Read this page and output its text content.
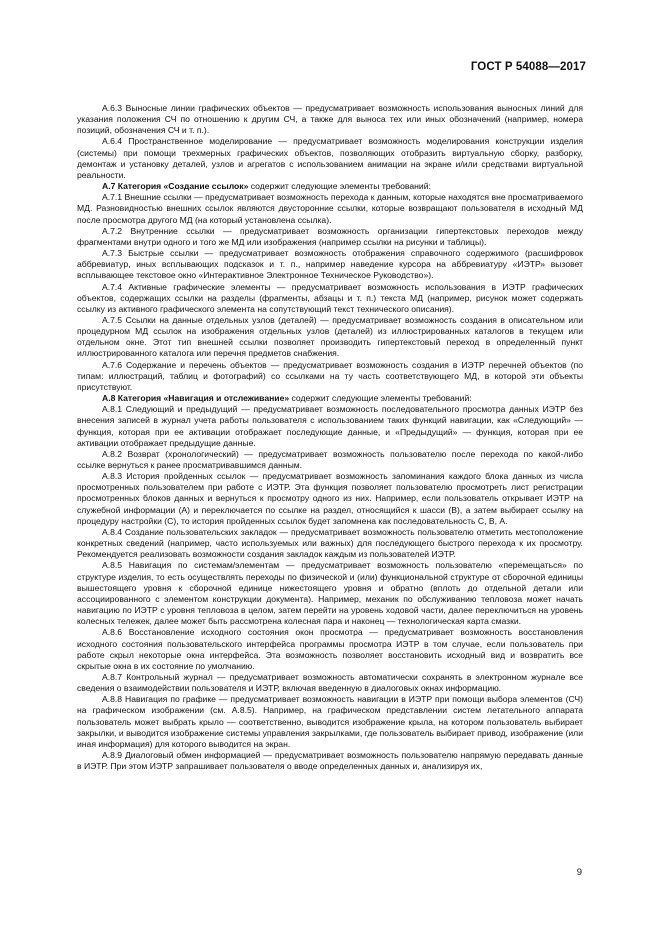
ГОСТ Р 54088—2017

А.6.3 Выносные линии графических объектов — предусматривает возможность использования выносных линий для указания положения СЧ по отношению к другим СЧ, а также для выноса тех или иных обозначений (например, номера позиций, обозначения СЧ и т. п.).

А.6.4 Пространственное моделирование — предусматривает возможность моделирования конструкции изделия (системы) при помощи трехмерных графических объектов, позволяющих отобразить виртуальную сборку, разборку, демонтаж и установку деталей, узлов и агрегатов с использованием анимации на экране и/или средствами виртуальной реальности.

А.7 Категория «Создание ссылок» содержит следующие элементы требований:

А.7.1 Внешние ссылки — предусматривает возможность перехода к данным, которые находятся вне просматриваемого МД. Разновидностью внешних ссылок являются двусторонние ссылки, которые возвращают пользователя в исходный МД после просмотра другого МД (на который установлена ссылка).

А.7.2 Внутренние ссылки — предусматривает возможность организации гипертекстовых переходов между фрагментами внутри одного и того же МД или изображения (например ссылки на рисунки и таблицы).

А.7.3 Быстрые ссылки — предусматривает возможность отображения справочного содержимого (расшифровок аббревиатур, иных всплывающих подсказок и т. п., например наведение курсора на аббревиатуру «ИЭТР» вызовет всплывающее текстовое окно «Интерактивное Электронное Техническое Руководство»).

А.7.4 Активные графические элементы — предусматривает возможность использования в ИЭТР графических объектов, содержащих ссылки на разделы (фрагменты, абзацы и т. п.) текста МД (например, рисунок может содержать ссылку из активного графического элемента на сопутствующий текст технического описания).

А.7.5 Ссылки на данные отдельных узлов (деталей) — предусматривает возможность создания в описательном или процедурном МД ссылок на изображения отдельных узлов (деталей) из иллюстрированных каталогов в текущем или отдельном окне. Этот тип внешней ссылки позволяет производить гипертекстовый переход в определенный пункт иллюстрированного каталога или перечня предметов снабжения.

А.7.6 Содержание и перечень объектов — предусматривает возможность создания в ИЭТР перечней объектов (по типам: иллюстраций, таблиц и фотографий) со ссылками на ту часть соответствующего МД, в которой эти объекты присутствуют.

А.8 Категория «Навигация и отслеживание» содержит следующие элементы требований:

А.8.1 Следующий и предыдущий — предусматривает возможность последовательного просмотра данных ИЭТР без внесения записей в журнал учета работы пользователя с использованием таких функций навигации, как «Следующий» — функция, которая при ее активации отображает последующие данные, и «Предыдущий» — функция, которая при ее активации отображает предыдущие данные.

А.8.2 Возврат (хронологический) — предусматривает возможность пользователю после перехода по какой-либо ссылке вернуться к ранее просматривавшимся данным.

А.8.3 История пройденных ссылок — предусматривает возможность запоминания каждого блока данных из числа просмотренных пользователем при работе с ИЭТР. Эта функция позволяет пользователю просмотреть лист регистрации просмотренных блоков данных и вернуться к просмотру одного из них. Например, если пользователь открывает ИЭТР на служебной информации (А) и переключается по ссылке на раздел, относящийся к шасси (В), а затем выбирает ссылку на процедуру настройки (С), то история пройденных ссылок будет запомнена как последовательность С, В, А.

А.8.4 Создание пользовательских закладок — предусматривает возможность пользователю отметить местоположение конкретных сведений (например, часто используемых или важных) для последующего быстрого перехода к их просмотру. Рекомендуется реализовать возможности создания закладок каждым из пользователей ИЭТР.

А.8.5 Навигация по системам/элементам — предусматривает возможность пользователю «перемещаться» по структуре изделия, то есть осуществлять переходы по физической и (или) функциональной структуре от сборочной единицы вышестоящего уровня к сборочной единице нижестоящего уровня и обратно (вплоть до отдельной детали или ассоциированного с элементом конструкции документа). Например, механик по обслуживанию тепловоза может начать навигацию по ИЭТР с уровня тепловоза в целом, затем перейти на уровень ходовой части, далее переключиться на уровень колесных тележек, далее может быть рассмотрена колесная пара и наконец — технологическая карта смазки.

А.8.6 Восстановление исходного состояния окон просмотра — предусматривает возможность восстановления исходного состояния пользовательского интерфейса программы просмотра ИЭТР в том случае, если пользователь при работе скрыл некоторые окна интерфейса. Эта возможность позволяет восстановить исходный вид и возвратить все скрытые окна в их состояние по умолчанию.

А.8.7 Контрольный журнал — предусматривает возможность автоматически сохранять в электронном журнале все сведения о взаимодействии пользователя и ИЭТР, включая введенную в диалоговых окнах информацию.

А.8.8 Навигация по графике — предусматривает возможность навигации в ИЭТР при помощи выбора элементов (СЧ) на графическом изображении (см. А.8.5). Например, на графическом представлении систем летательного аппарата пользователь может выбрать крыло — соответственно, выводится изображение крыла, на котором пользователь выбирает закрылки, и выводится изображение системы управления закрылками, где пользователь выбирает привод, изображение (или иная информация) для которого выводится на экран.

А.8.9 Диалоговый обмен информацией — предусматривает возможность пользователю напрямую передавать данные в ИЭТР. При этом ИЭТР запрашивает пользователя о вводе определенных данных и, анализируя их,

9
